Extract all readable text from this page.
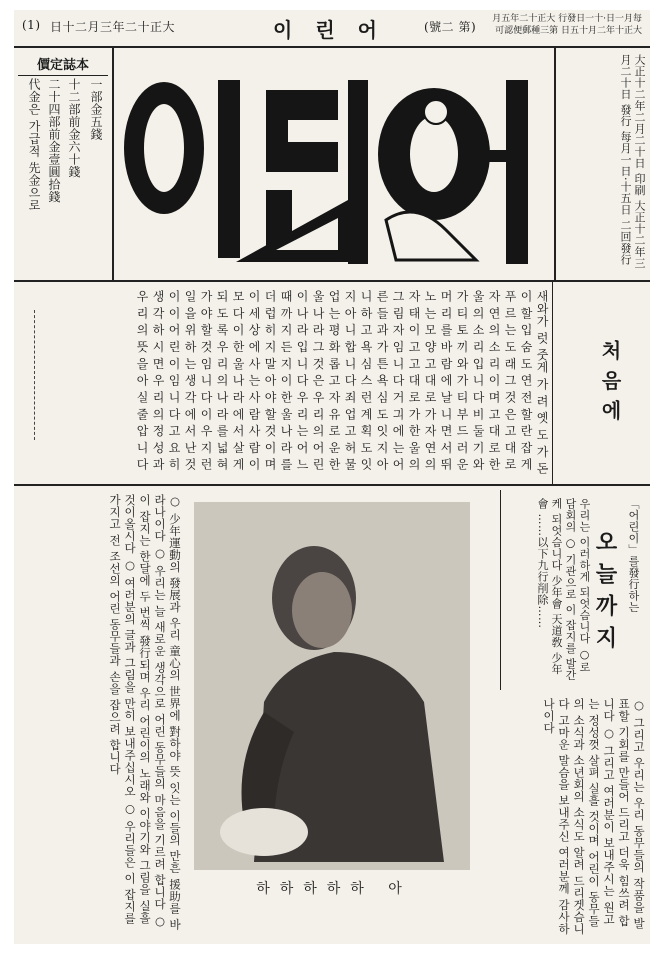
(1) 日十二月三年二十正大	이 린 어	(號二 第)
月五年二十正大 行發日一十·日一月每 可認便郵種三第 日五十月二年十正大
價定誌本
一部金五錢
十二部前金六十錢
二十四部前金壹圓拾錢
代金은 가급적 先金으로	大正十二年二月二十日 印刷 大正十二年三月二十日 發行 每月一日·十五日 二回發行
처음에
새와가 럿 줏게 가 려 옛 도 가 돈 이 할 입 숨 도 연 전 할 란 잡 게 푸 르 는 도 래 그 것 은 고 대 로 자 연 의 소 리 이 며 고 대 로 한 울 의 소 리 입 니 다 비 둘 기 와 가 티 토 끼 와 가 티 부 드 러 운 머 리 를 바 람 에 날 니 면 서 뛰 노 는 모 양 고 대 로 가 자 연 의 자 태 이 고 고 대 로 가 한 울 의 그 림 자 임 니 다 거 긔 에 는 어 른 들 과 가 튼 욕 심 도 잇 지 아 니 하 고 욕 심 스 런 계 획 도 잇 지 아 니 합 니 다 죄 업 고 허 물 업 는 평 화 롭 고 자 유 로 운 한 울 나 라 그 것 은 우 리 의 어 린 이 나 라 입 니 다 우 리 는 어 느 때 까 지 든 지 이 한 울 나 라 를 더 럽 히 지 말 아 야 할 것 이 며 이 세 상 에 사 는 사 람 사 람 이 모 다 이 한 울 나 라 에 서 살 게 되 도 록 우 리 의 나 라 를 넓 혀 가 야 할 것 임 니 다 이 우 지 런 일 을 위 하 는 생 각 에 서 난 것 이 이 어 린 이 임 니 다 고 요 히 생 각 하 시 면 우 리 의 정 성 과 우 리 의 뜻 을 아 실 줄 압 니 다
「어린이」를發行하는
오늘까지
우리는 이러하게 되엇슴니다 ○로담회의 ○ 기관으로 이 잡지를 발간케 되엇슴니다 少年會 天道敎 少年會 ……以下九行削除……
○ 그리고 우리는 우리 동무들의 작품을 발표할 기회를 만들어 드리고 더욱 힘쓰려 합니다 ○ 그리고 여러분이 보내주시는 원고는 정성껏 살펴 실흘 것이며 어린이 동무들의 소식과 소년회의 소식도 알려 드리겟슴니다 고마운 말슴을 보내주신 여러분께 감사하나이다
○ 少年運動의 發展과 우리 童心의 世界에 對하야 뜻 잇는 이들의 만흔 援助를 바라나이다 ○ 우리는 늘 새로운 생각으로 어린 동무들의 마음을 기르려 합니다 ○ 이 잡지는 한달에 두 번씩 發行되며 우리 어린이의 노래와 이야기와 그림을 실흘 것이올시다 ○ 여러분의 글과 그림을 만히 보내주십시오 ○ 우리들은 이 잡지를 가지고 전 조선의 어린 동무들과 손을 잡으려 합니다
하하하하하 아
